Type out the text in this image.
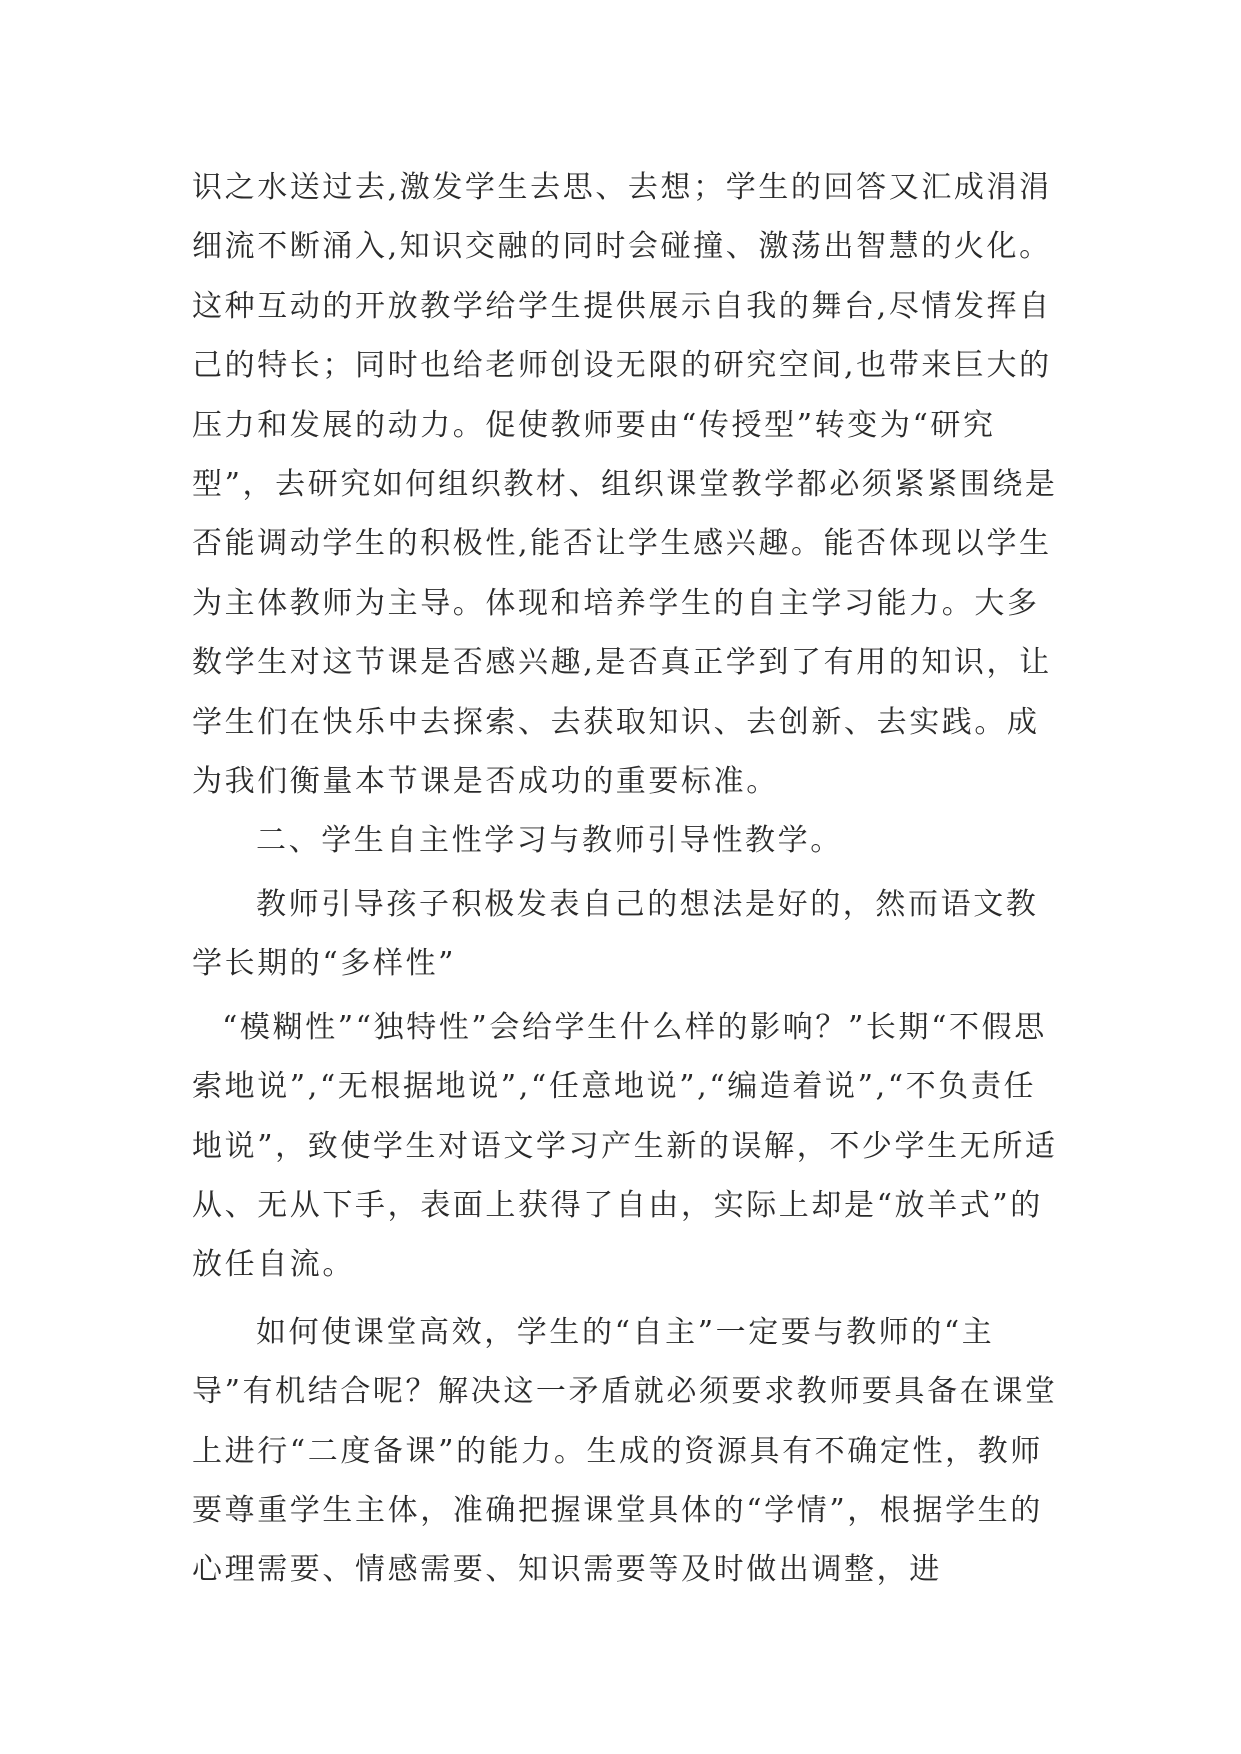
识之水送过去,激发学生去思、去想；学生的回答又汇成涓涓细流不断涌入,知识交融的同时会碰撞、激荡出智慧的火化。这种互动的开放教学给学生提供展示自我的舞台,尽情发挥自己的特长；同时也给老师创设无限的研究空间,也带来巨大的压力和发展的动力。促使教师要由“传授型”转变为“研究型”，去研究如何组织教材、组织课堂教学都必须紧紧围绕是否能调动学生的积极性,能否让学生感兴趣。能否体现以学生为主体教师为主导。体现和培养学生的自主学习能力。大多数学生对这节课是否感兴趣,是否真正学到了有用的知识，让学生们在快乐中去探索、去获取知识、去创新、去实践。成为我们衡量本节课是否成功的重要标准。

二、学生自主性学习与教师引导性教学。

教师引导孩子积极发表自己的想法是好的，然而语文教学长期的“多样性”

“模糊性”“独特性”会给学生什么样的影响？”长期“不假思索地说”,“无根据地说”,“任意地说”,“编造着说”,“不负责任地说”，致使学生对语文学习产生新的误解，不少学生无所适从、无从下手，表面上获得了自由，实际上却是“放羊式”的放任自流。

如何使课堂高效，学生的“自主”一定要与教师的“主导”有机结合呢？解决这一矛盾就必须要求教师要具备在课堂上进行“二度备课”的能力。生成的资源具有不确定性，教师要尊重学生主体，准确把握课堂具体的“学情”，根据学生的心理需要、情感需要、知识需要等及时做出调整，进
